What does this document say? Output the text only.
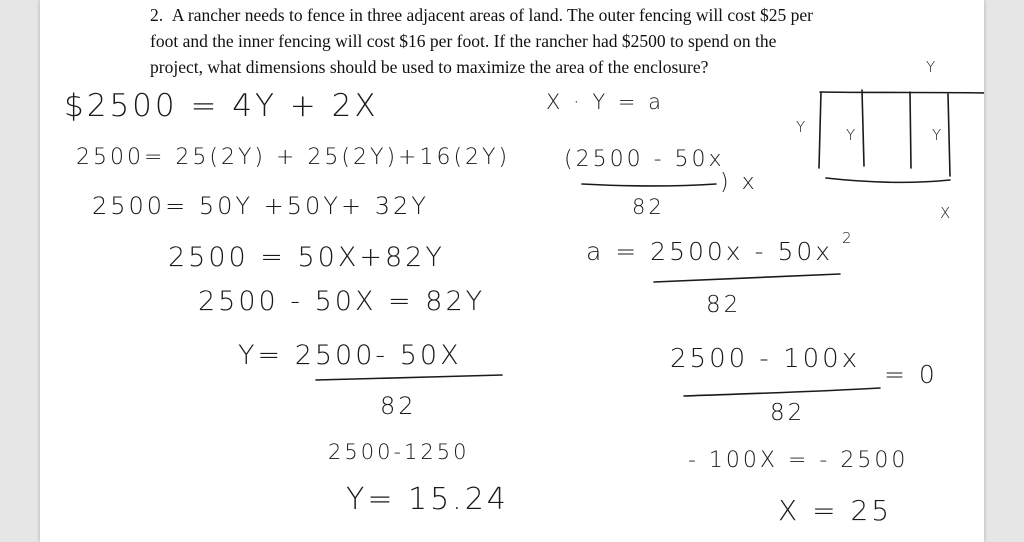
2. A rancher needs to fence in three adjacent areas of land. The outer fencing will cost $25 per
foot and the inner fencing will cost $16 per foot. If the rancher had $2500 to spend on the
project, what dimensions should be used to maximize the area of the enclosure?
$2500 = 4Y + 2X
2500= 25(2Y) + 25(2Y)+16(2Y)
2500= 50Y +50Y+ 32Y
2500 = 50X+82Y
2500 - 50X = 82Y
Y= 2500- 50X
82
2500-1250
Y= 15.24
X · Y = a
(2500 - 50x
82
) x
a = 2500x - 50x 2
82
2500 - 100x
= 0
82
- 100X = - 2500
X = 25
Y
Y	Y	Y
X
